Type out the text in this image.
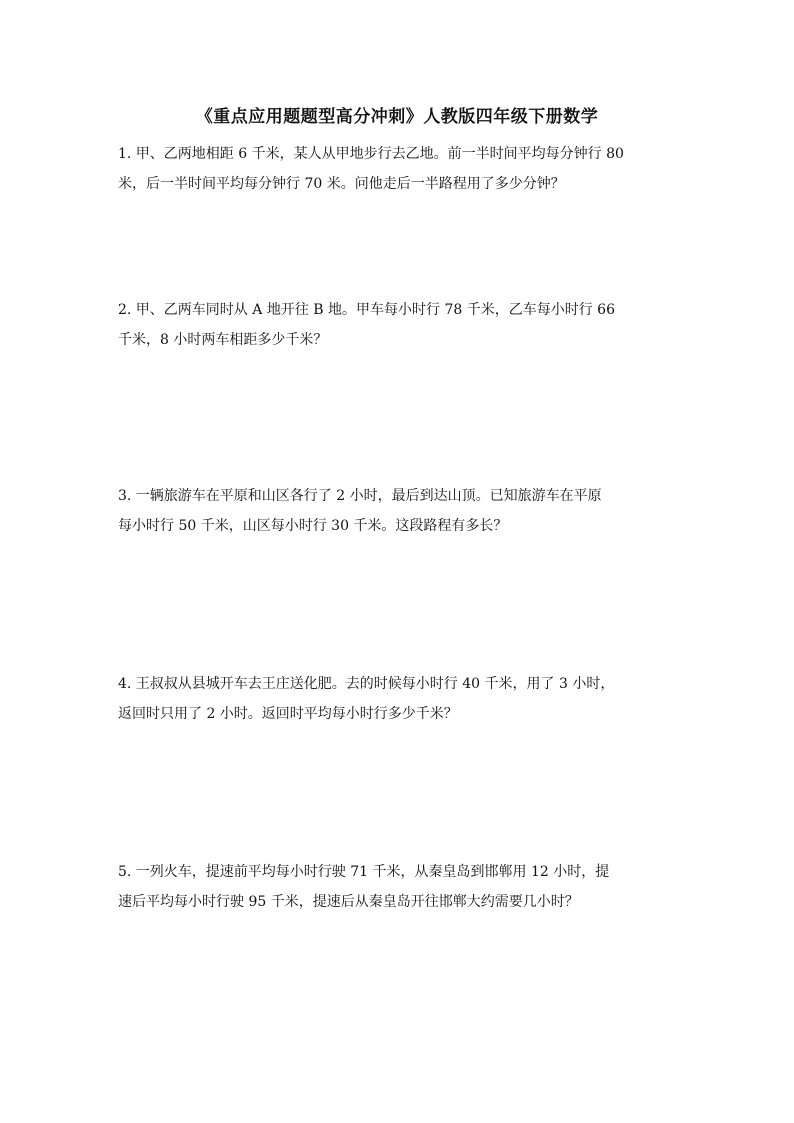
《重点应用题题型高分冲刺》人教版四年级下册数学
1. 甲、乙两地相距 6 千米，某人从甲地步行去乙地。前一半时间平均每分钟行 80
米，后一半时间平均每分钟行 70 米。问他走后一半路程用了多少分钟？
2. 甲、乙两车同时从 A 地开往 B 地。甲车每小时行 78 千米，乙车每小时行 66
千米，8 小时两车相距多少千米？
3. 一辆旅游车在平原和山区各行了 2 小时，最后到达山顶。已知旅游车在平原
每小时行 50 千米，山区每小时行 30 千米。这段路程有多长？
4. 王叔叔从县城开车去王庄送化肥。去的时候每小时行 40 千米，用了 3 小时，
返回时只用了 2 小时。返回时平均每小时行多少千米？
5. 一列火车，提速前平均每小时行驶 71 千米，从秦皇岛到邯郸用 12 小时，提
速后平均每小时行驶 95 千米，提速后从秦皇岛开往邯郸大约需要几小时？
